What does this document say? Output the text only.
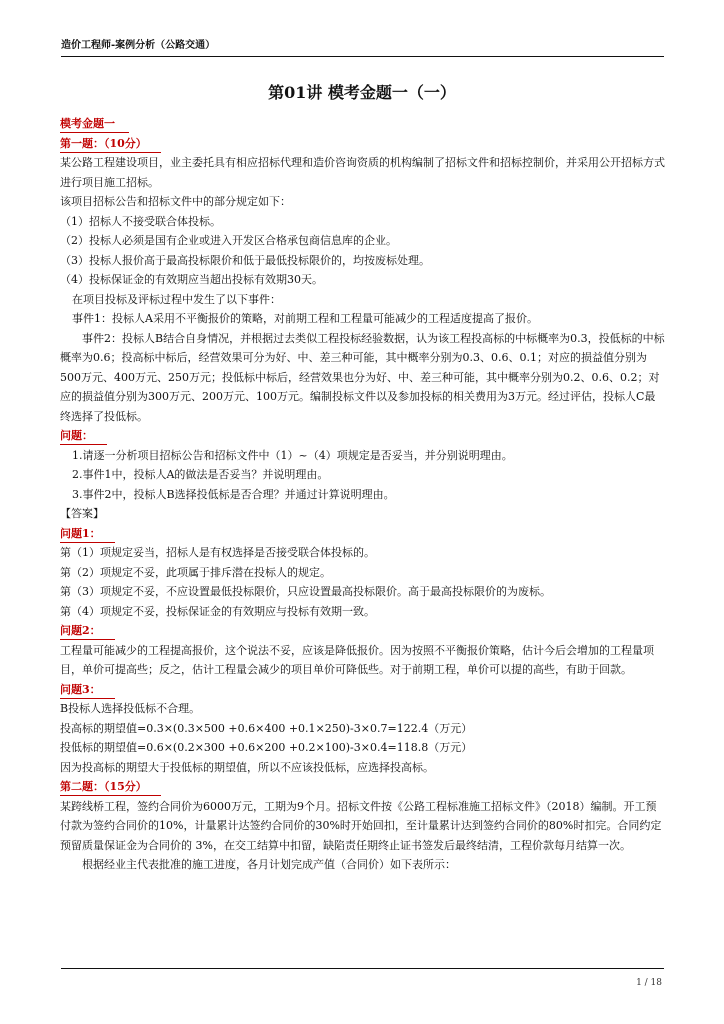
造价工程师-案例分析（公路交通）
第01讲 模考金题一（一）
模考金题一
第一题：（10分）
某公路工程建设项目，业主委托具有相应招标代理和造价咨询资质的机构编制了招标文件和招标控制价，并采用公开招标方式进行项目施工招标。
该项目招标公告和招标文件中的部分规定如下：
（1）招标人不接受联合体投标。
（2）投标人必须是国有企业或进入开发区合格承包商信息库的企业。
（3）投标人报价高于最高投标限价和低于最低投标限价的，均按废标处理。
（4）投标保证金的有效期应当超出投标有效期30天。
在项目投标及评标过程中发生了以下事件：
事件1：投标人A采用不平衡报价的策略，对前期工程和工程量可能减少的工程适度提高了报价。
事件2：投标人B结合自身情况，并根据过去类似工程投标经验数据，认为该工程投高标的中标概率为0.3，投低标的中标概率为0.6；投高标中标后，经营效果可分为好、中、差三种可能，其中概率分别为0.3、0.6、0.1；对应的损益值分别为500万元、400万元、250万元；投低标中标后，经营效果也分为好、中、差三种可能，其中概率分别为0.2、0.6、0.2；对应的损益值分别为300万元、200万元、100万元。编制投标文件以及参加投标的相关费用为3万元。经过评估，投标人C最终选择了投低标。
问题：
1.请逐一分析项目招标公告和招标文件中（1）~（4）项规定是否妥当，并分别说明理由。
2.事件1中，投标人A的做法是否妥当？并说明理由。
3.事件2中，投标人B选择投低标是否合理？并通过计算说明理由。
【答案】
问题1：
第（1）项规定妥当，招标人是有权选择是否接受联合体投标的。
第（2）项规定不妥，此项属于排斥潜在投标人的规定。
第（3）项规定不妥，不应设置最低投标限价，只应设置最高投标限价。高于最高投标限价的为废标。
第（4）项规定不妥，投标保证金的有效期应与投标有效期一致。
问题2：
工程量可能减少的工程提高报价，这个说法不妥，应该是降低报价。因为按照不平衡报价策略，估计今后会增加的工程量项目，单价可提高些；反之，估计工程量会减少的项目单价可降低些。对于前期工程，单价可以提的高些，有助于回款。
问题3：
B投标人选择投低标不合理。
投高标的期望值=0.3×(0.3×500 +0.6×400 +0.1×250)-3×0.7=122.4（万元）
投低标的期望值=0.6×(0.2×300 +0.6×200 +0.2×100)-3×0.4=118.8（万元）
因为投高标的期望大于投低标的期望值，所以不应该投低标，应选择投高标。
第二题：（15分）
某跨线桥工程，签约合同价为6000万元，工期为9个月。招标文件按《公路工程标准施工招标文件》（2018）编制。开工预付款为签约合同价的10%，计量累计达签约合同价的30%时开始回扣，至计量累计达到签约合同价的80%时扣完。合同约定预留质量保证金为合同价的 3%，在交工结算中扣留，缺陷责任期终止证书签发后最终结清，工程价款每月结算一次。
根据经业主代表批准的施工进度，各月计划完成产值（合同价）如下表所示：
1 / 18
